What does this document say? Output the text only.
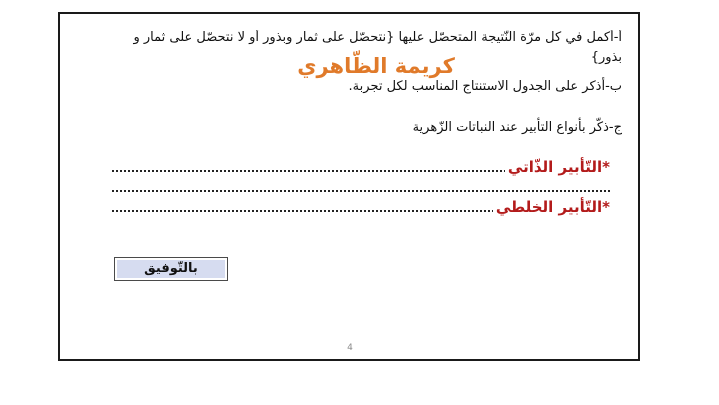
أ-أكمل في كل مرّة النّتيجة المتحصّل عليها {نتحصّل على ثمار وبذور أو لا نتحصّل على ثمار و
بذور}
كريمة الظّاهري
ب-أذكر على الجدول الاستنتاج المناسب لكل تجربة.
ج-ذكّر بأنواع التأبير عند النباتات الزّهرية
*التّأبير الذّاتي
*التّأبير الخلطي
بالتّوفيق
4
